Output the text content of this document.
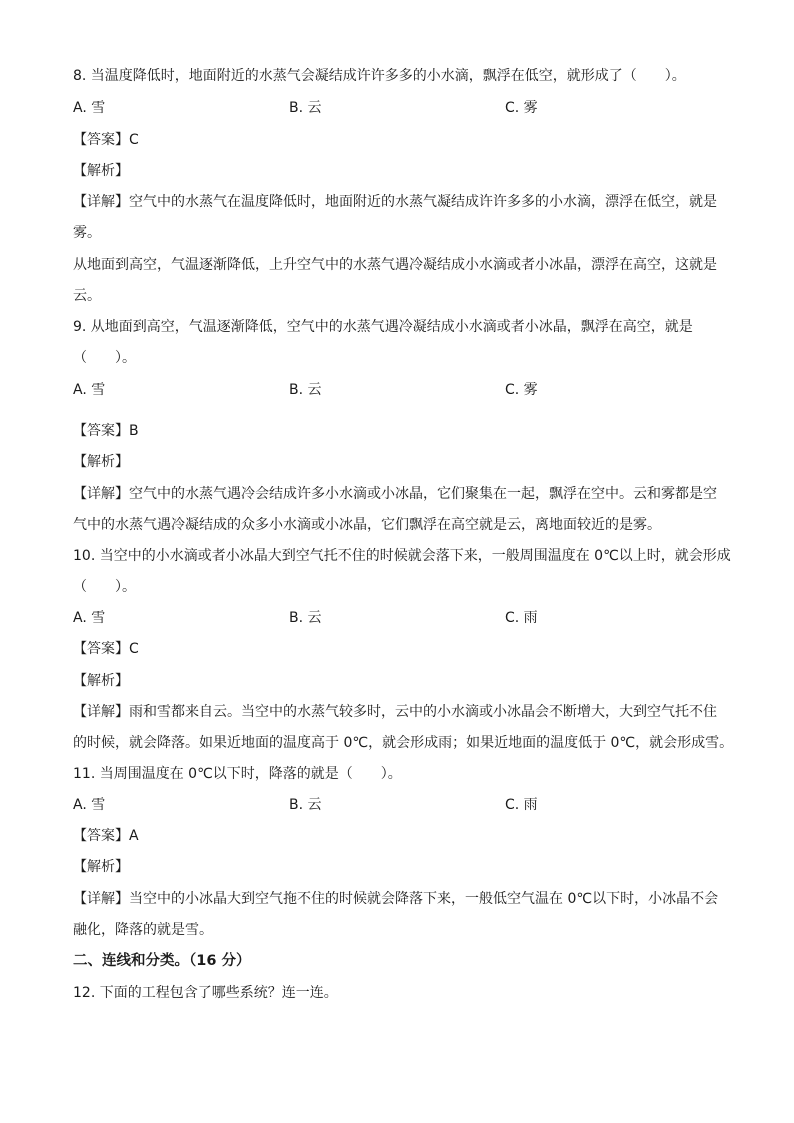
8. 当温度降低时，地面附近的水蒸气会凝结成许许多多的小水滴，飘浮在低空，就形成了（　　）。
A. 雪	B. 云	C. 雾
【答案】C
【解析】
【详解】空气中的水蒸气在温度降低时，地面附近的水蒸气凝结成许许多多的小水滴，漂浮在低空，就是
雾。
从地面到高空，气温逐渐降低，上升空气中的水蒸气遇冷凝结成小水滴或者小冰晶，漂浮在高空，这就是
云。
9. 从地面到高空，气温逐渐降低，空气中的水蒸气遇冷凝结成小水滴或者小冰晶，飘浮在高空，就是
（　　）。
A. 雪	B. 云	C. 雾
【答案】B
【解析】
【详解】空气中的水蒸气遇冷会结成许多小水滴或小冰晶，它们聚集在一起，飘浮在空中。云和雾都是空
气中的水蒸气遇冷凝结成的众多小水滴或小冰晶，它们飘浮在高空就是云，离地面较近的是雾。
10. 当空中的小水滴或者小冰晶大到空气托不住的时候就会落下来，一般周围温度在 0℃以上时，就会形成
（　　）。
A. 雪	B. 云	C. 雨
【答案】C
【解析】
【详解】雨和雪都来自云。当空中的水蒸气较多时，云中的小水滴或小冰晶会不断增大，大到空气托不住
的时候，就会降落。如果近地面的温度高于 0℃，就会形成雨；如果近地面的温度低于 0℃，就会形成雪。
11. 当周围温度在 0℃以下时，降落的就是（　　）。
A. 雪	B. 云	C. 雨
【答案】A
【解析】
【详解】当空中的小冰晶大到空气拖不住的时候就会降落下来，一般低空气温在 0℃以下时，小冰晶不会
融化，降落的就是雪。
二、连线和分类。（16 分）
12. 下面的工程包含了哪些系统？连一连。
